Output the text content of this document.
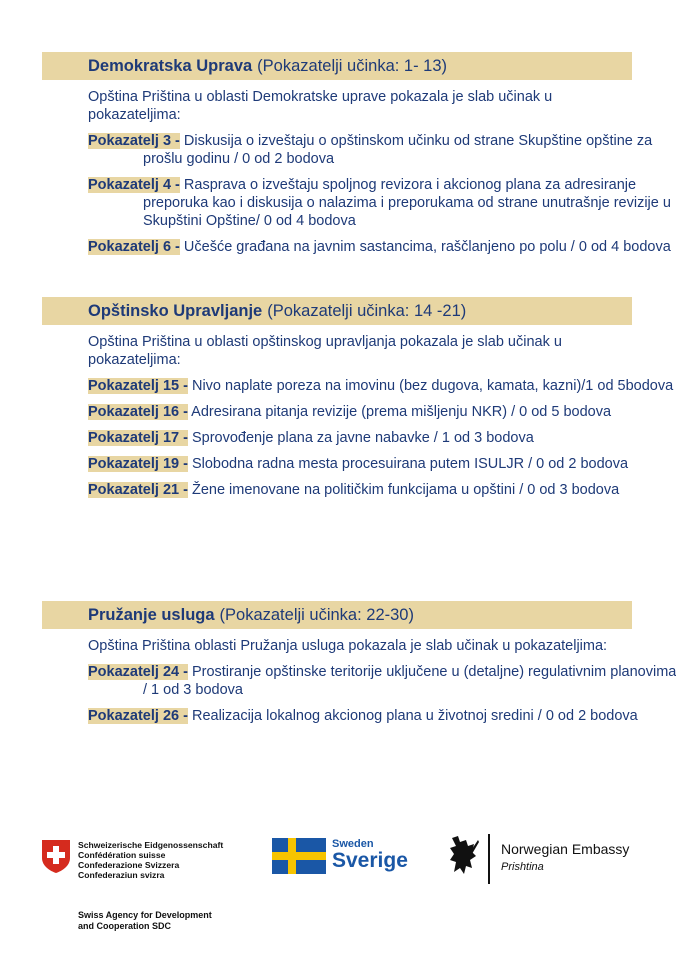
Demokratska Uprava (Pokazatelji učinka: 1- 13)
Opština Priština u oblasti Demokratske uprave pokazala je slab učinak u pokazateljima:
Pokazatelj 3 - Diskusija o izveštaju o opštinskom učinku od strane Skupštine opštine za prošlu godinu / 0 od 2 bodova
Pokazatelj 4 - Rasprava o izveštaju spoljnog revizora i akcionog plana za adresiranje preporuka kao i diskusija o nalazima i preporukama od strane unutrašnje revizije u Skupštini Opštine/ 0 od 4 bodova
Pokazatelj 6 - Učešće građana na javnim sastancima, raščlanjeno po polu / 0 od 4 bodova
Opštinsko Upravljanje (Pokazatelji učinka: 14 -21)
Opština Priština u oblasti opštinskog upravljanja pokazala je slab učinak u pokazateljima:
Pokazatelj 15 - Nivo naplate poreza na imovinu (bez dugova, kamata, kazni)/1 od 5bodova
Pokazatelj 16 - Adresirana pitanja revizije (prema mišljenju NKR) / 0 od 5 bodova
Pokazatelj 17 - Sprovođenje plana za javne nabavke / 1 od 3 bodova
Pokazatelj 19 - Slobodna radna mesta procesuirana putem ISULJR / 0 od 2 bodova
Pokazatelj 21 - Žene imenovane na političkim funkcijama u opštini / 0 od 3 bodova
Pružanje usluga (Pokazatelji učinka: 22-30)
Opština Priština oblasti Pružanja usluga pokazala je slab učinak u pokazateljima:
Pokazatelj 24 - Prostiranje opštinske teritorije uključene u (detaljne) regulativnim planovima / 1 od 3 bodova
Pokazatelj 26 - Realizacija lokalnog akcionog plana u životnoj sredini / 0 od 2 bodova
Schweizerische Eidgenossenschaft
Confédération suisse
Confederazione Svizzera
Confederaziun svizra
Swiss Agency for Development
and Cooperation SDC
Sweden
Sverige	Norwegian Embassy
Prishtina
